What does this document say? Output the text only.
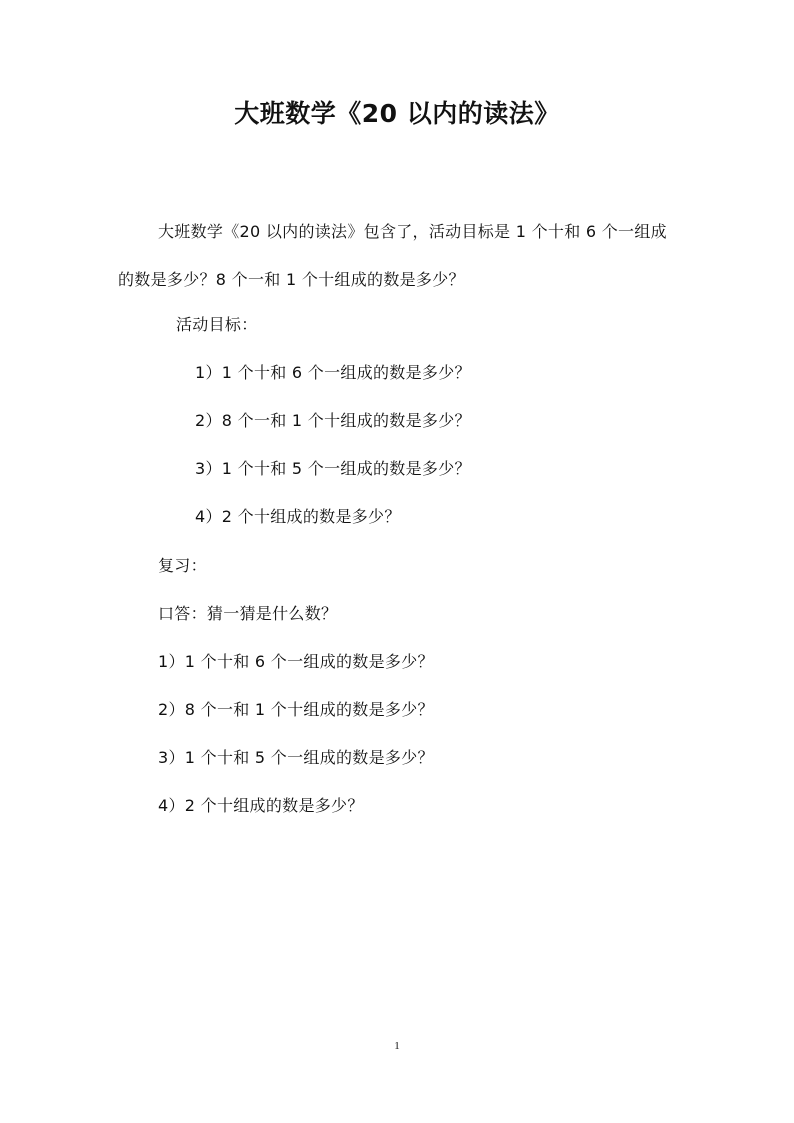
大班数学《20 以内的读法》
大班数学《20 以内的读法》包含了，活动目标是 1 个十和 6 个一组成的数是多少？8 个一和 1 个十组成的数是多少？
活动目标：
1）1 个十和 6 个一组成的数是多少？
2）8 个一和 1 个十组成的数是多少？
3）1 个十和 5 个一组成的数是多少？
4）2 个十组成的数是多少？
复习：
口答：猜一猜是什么数？
1）1 个十和 6 个一组成的数是多少？
2）8 个一和 1 个十组成的数是多少？
3）1 个十和 5 个一组成的数是多少？
4）2 个十组成的数是多少？
1
